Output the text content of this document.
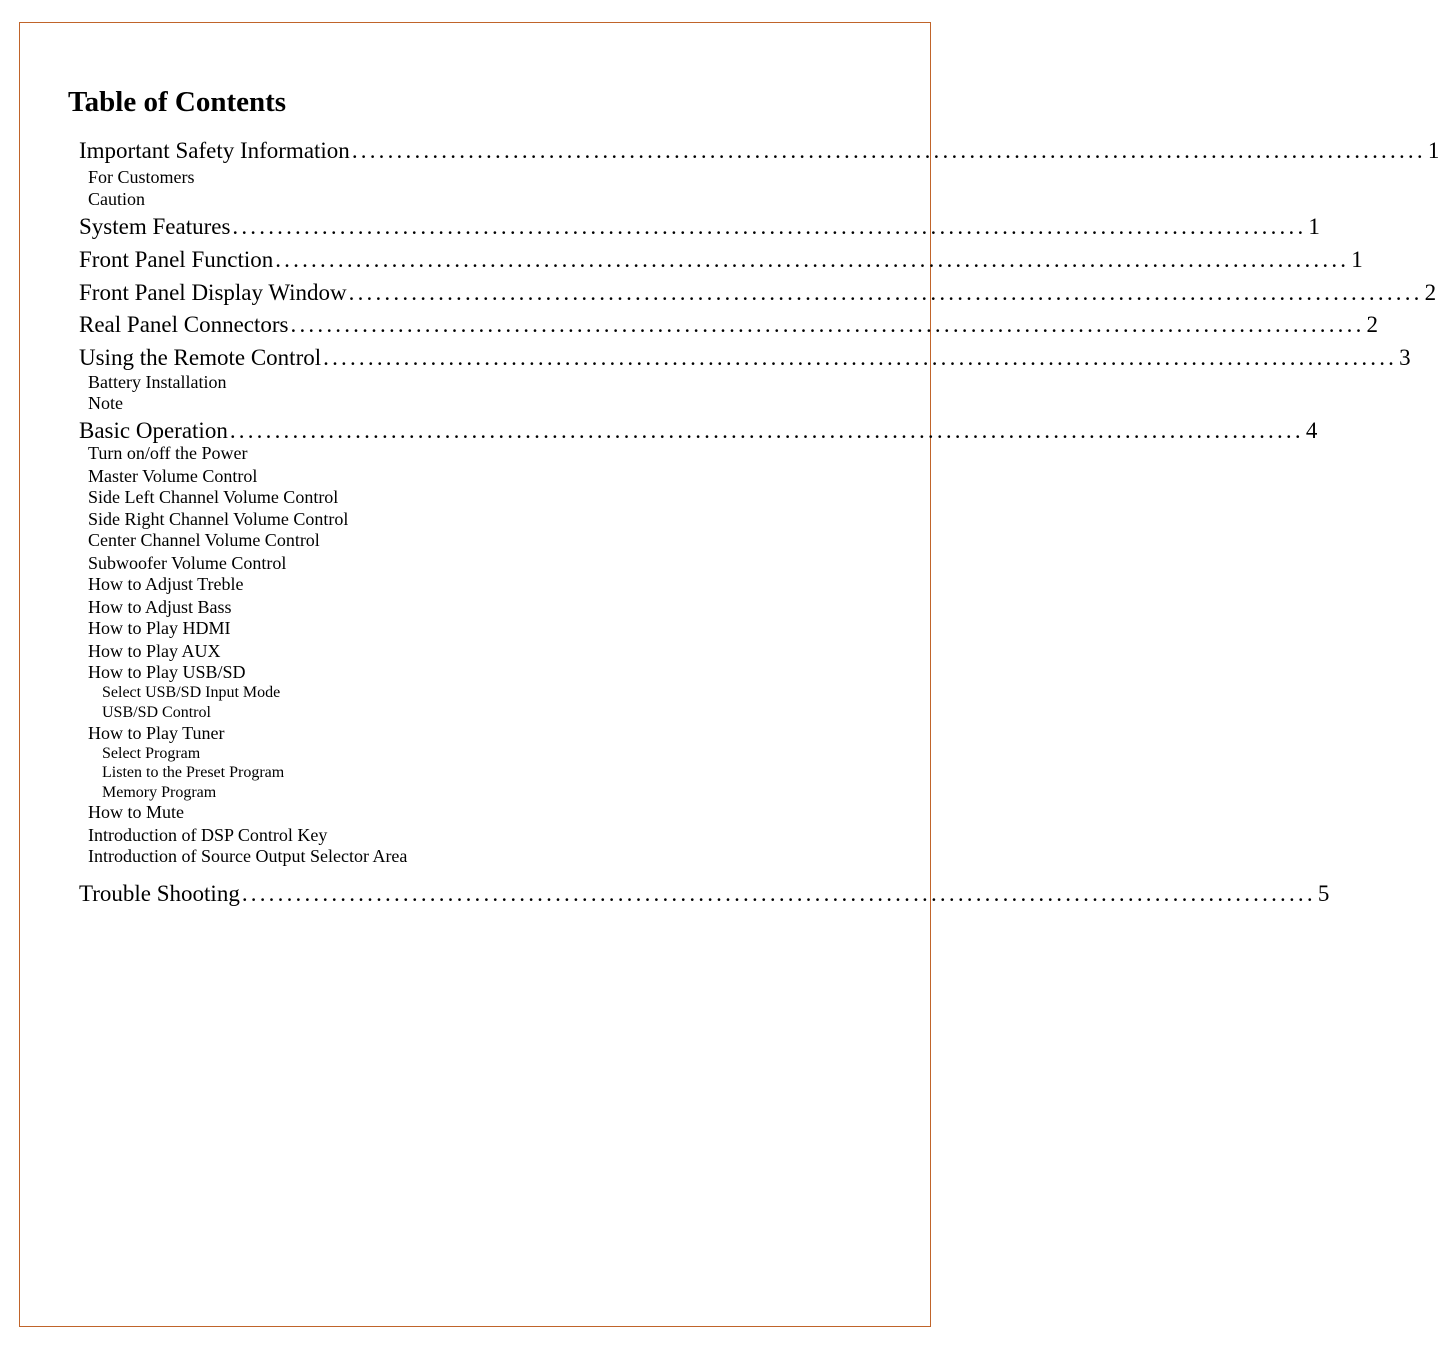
Table of Contents
Important Safety Information ........................................................................................................................ 1
For Customers
Caution
System Features ........................................................................................................................ 1
Front Panel Function ........................................................................................................................ 1
Front Panel Display Window ........................................................................................................................ 2
Real Panel Connectors ........................................................................................................................ 2
Using the Remote Control ........................................................................................................................ 3
Battery Installation
Note
Basic Operation ........................................................................................................................ 4
Turn on/off the Power
Master Volume Control
Side Left Channel Volume Control
Side Right Channel Volume Control
Center Channel Volume Control
Subwoofer Volume Control
How to Adjust Treble
How to Adjust Bass
How to Play HDMI
How to Play AUX
How to Play USB/SD
Select USB/SD Input Mode
USB/SD Control
How to Play Tuner
Select Program
Listen to the Preset Program
Memory Program
How to Mute
Introduction of DSP Control Key
Introduction of Source Output Selector Area
Trouble Shooting ........................................................................................................................ 5
